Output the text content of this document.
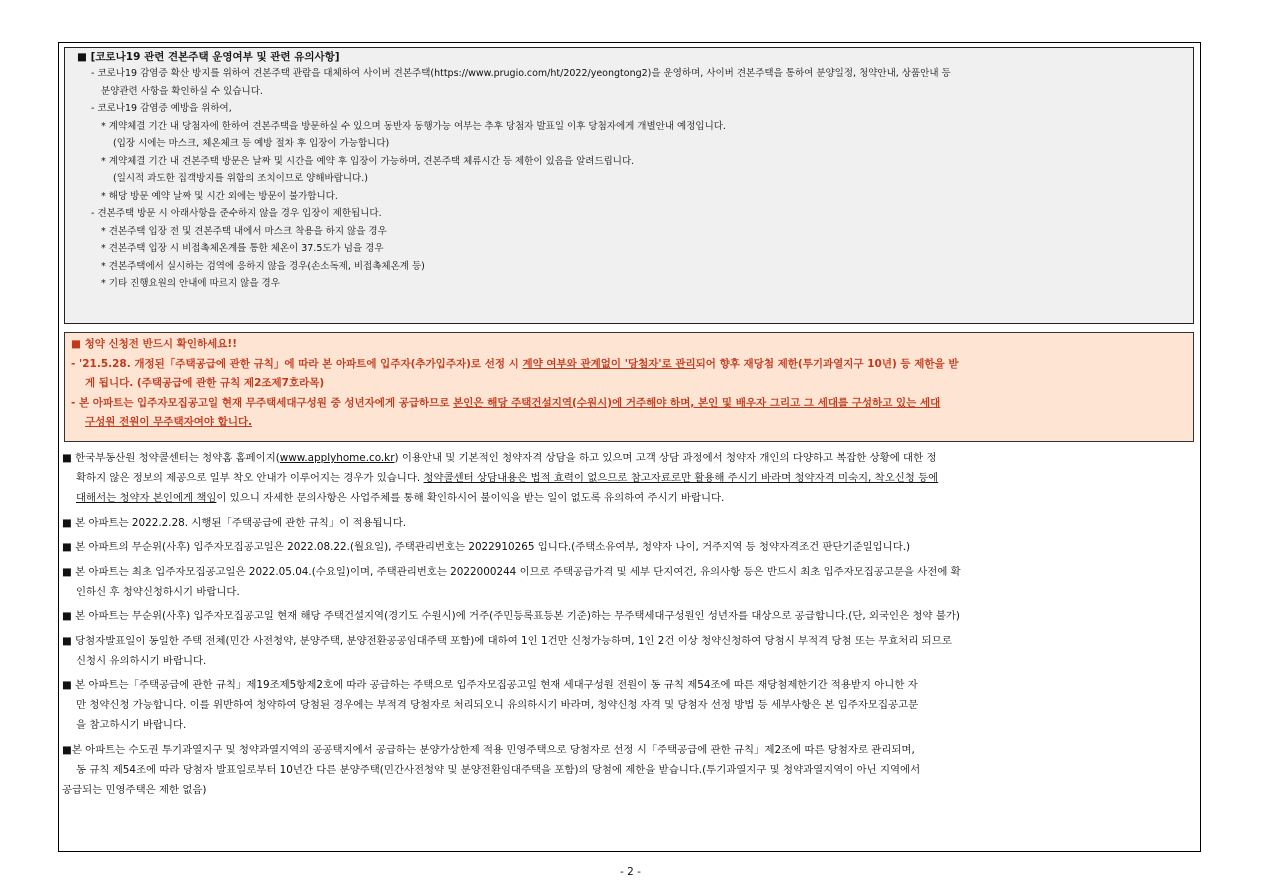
■ [코로나19 관련 견본주택 운영여부 및 관련 유의사항]

- 코로나19 감염증 확산 방지를 위하여 견본주택 관람을 대체하여 사이버 견본주택(https://www.prugio.com/ht/2022/yeongtong2)을 운영하며, 사이버 견본주택을 통하여 분양일정, 청약안내, 상품안내 등

분양관련 사항을 확인하실 수 있습니다.

- 코로나19 감염증 예방을 위하여,

* 계약체결 기간 내 당첨자에 한하여 견본주택을 방문하실 수 있으며 동반자 동행가능 여부는 추후 당첨자 발표일 이후 당첨자에게 개별안내 예정입니다.

(입장 시에는 마스크, 체온체크 등 예방 절차 후 입장이 가능합니다)

* 계약체결 기간 내 견본주택 방문은 날짜 및 시간을 예약 후 입장이 가능하며, 견본주택 체류시간 등 제한이 있음을 알려드립니다.

(일시적 과도한 집객방지를 위함의 조치이므로 양해바랍니다.)

* 해당 방문 예약 날짜 및 시간 외에는 방문이 불가합니다.

- 견본주택 방문 시 아래사항을 준수하지 않을 경우 입장이 제한됩니다.

* 견본주택 입장 전 및 견본주택 내에서 마스크 착용을 하지 않을 경우

* 견본주택 입장 시 비접촉체온계를 통한 체온이 37.5도가 넘을 경우

* 견본주택에서 실시하는 검역에 응하지 않을 경우(손소독제, 비접촉체온계 등)

* 기타 진행요원의 안내에 따르지 않을 경우

■ 청약 신청전 반드시 확인하세요!!

- '21.5.28. 개정된「주택공급에 관한 규칙」에 따라 본 아파트에 입주자(추가입주자)로 선정 시 계약 여부와 관계없이 '당첨자'로 관리되어 향후 재당첨 제한(투기과열지구 10년) 등 제한을 받

게 됩니다. (주택공급에 관한 규칙 제2조제7호라목)

- 본 아파트는 입주자모집공고일 현재 무주택세대구성원 중 성년자에게 공급하므로 본인은 해당 주택건설지역(수원시)에 거주해야 하며, 본인 및 배우자 그리고 그 세대를 구성하고 있는 세대

구성원 전원이 무주택자여야 합니다.

■ 한국부동산원 청약콜센터는 청약홈 홈페이지(www.applyhome.co.kr) 이용안내 및 기본적인 청약자격 상담을 하고 있으며 고객 상담 과정에서 청약자 개인의 다양하고 복잡한 상황에 대한 정
확하지 않은 정보의 제공으로 일부 착오 안내가 이루어지는 경우가 있습니다. 청약콜센터 상담내용은 법적 효력이 없으므로 참고자료로만 활용해 주시기 바라며 청약자격 미숙지, 착오신청 등에
대해서는 청약자 본인에게 책임이 있으니 자세한 문의사항은 사업주체를 통해 확인하시어 불이익을 받는 일이 없도록 유의하여 주시기 바랍니다.

■ 본 아파트는 2022.2.28. 시행된「주택공급에 관한 규칙」이 적용됩니다.

■ 본 아파트의 무순위(사후) 입주자모집공고일은 2022.08.22.(월요일), 주택관리번호는 2022910265 입니다.(주택소유여부, 청약자 나이, 거주지역 등 청약자격조건 판단기준일입니다.)

■ 본 아파트는 최초 입주자모집공고일은 2022.05.04.(수요일)이며, 주택관리번호는 2022000244 이므로 주택공급가격 및 세부 단지여건, 유의사항 등은 반드시 최초 입주자모집공고문을 사전에 확
인하신 후 청약신청하시기 바랍니다.

■ 본 아파트는 무순위(사후) 입주자모집공고일 현재 해당 주택건설지역(경기도 수원시)에 거주(주민등록표등본 기준)하는 무주택세대구성원인 성년자를 대상으로 공급합니다.(단, 외국인은 청약 불가)

■ 당첨자발표일이 동일한 주택 전체(민간 사전청약, 분양주택, 분양전환공공임대주택 포함)에 대하여 1인 1건만 신청가능하며, 1인 2건 이상 청약신청하여 당첨시 부적격 당첨 또는 무효처리 되므로
신청시 유의하시기 바랍니다.

■ 본 아파트는「주택공급에 관한 규칙」제19조제5항제2호에 따라 공급하는 주택으로 입주자모집공고일 현재 세대구성원 전원이 동 규칙 제54조에 따른 재당첨제한기간 적용받지 아니한 자
만 청약신청 가능합니다. 이를 위반하여 청약하여 당첨된 경우에는 부적격 당첨자로 처리되오니 유의하시기 바라며, 청약신청 자격 및 당첨자 선정 방법 등 세부사항은 본 입주자모집공고문
을 참고하시기 바랍니다.

■본 아파트는 수도권 투기과열지구 및 청약과열지역의 공공택지에서 공급하는 분양가상한제 적용 민영주택으로 당첨자로 선정 시「주택공급에 관한 규칙」제2조에 따른 당첨자로 관리되며,
동 규칙 제54조에 따라 당첨자 발표일로부터 10년간 다른 분양주택(민간사전청약 및 분양전환임대주택을 포함)의 당첨에 제한을 받습니다.(투기과열지구 및 청약과열지역이 아닌 지역에서
공급되는 민영주택은 제한 없음)

- 2 -
